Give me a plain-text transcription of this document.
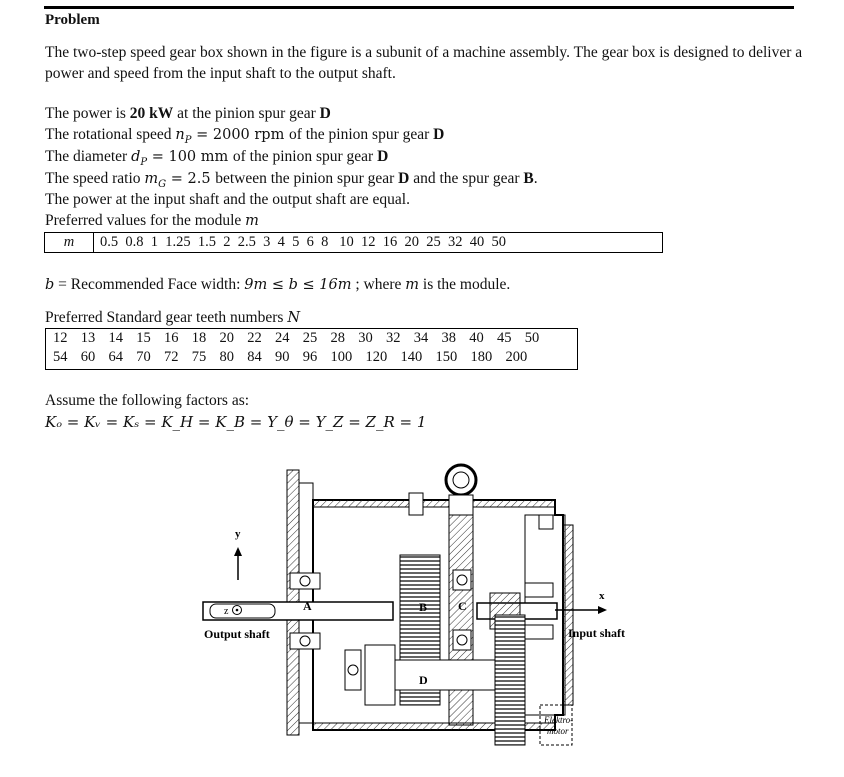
Problem
The two-step speed gear box shown in the figure is a subunit of a machine assembly. The gear box is designed to deliver a power and speed from the input shaft to the output shaft.
The power is 20 kW at the pinion spur gear D
The rotational speed $n_P = 2000$ rpm of the pinion spur gear D
The diameter $d_P = 100$ mm of the pinion spur gear D
The speed ratio $m_G = 2.5$ between the pinion spur gear D and the spur gear B.
The power at the input shaft and the output shaft are equal.
Preferred values for the module m
m	0.5  0.8  1  1.25  1.5  2  2.5  3  4  5  6  8   10  12  16  20  25  32  40  50
b = Recommended Face width: 9m ≤ b ≤ 16m ; where m is the module.
Preferred Standard gear teeth numbers N
12  13  14  15  16  18  20  22  24  25  28  30  32  34  38  40  45  50
54  60  64  70  72  75  80  84  90  96  100  120  140  150  180  200
Assume the following factors as:
Kₒ = Kᵥ = Kₛ = K_H = K_B = Y_θ = Y_Z = Z_R = 1
y
x
z
Output shaft	Input shaft
A	B	C
D
Elektro-
motor
